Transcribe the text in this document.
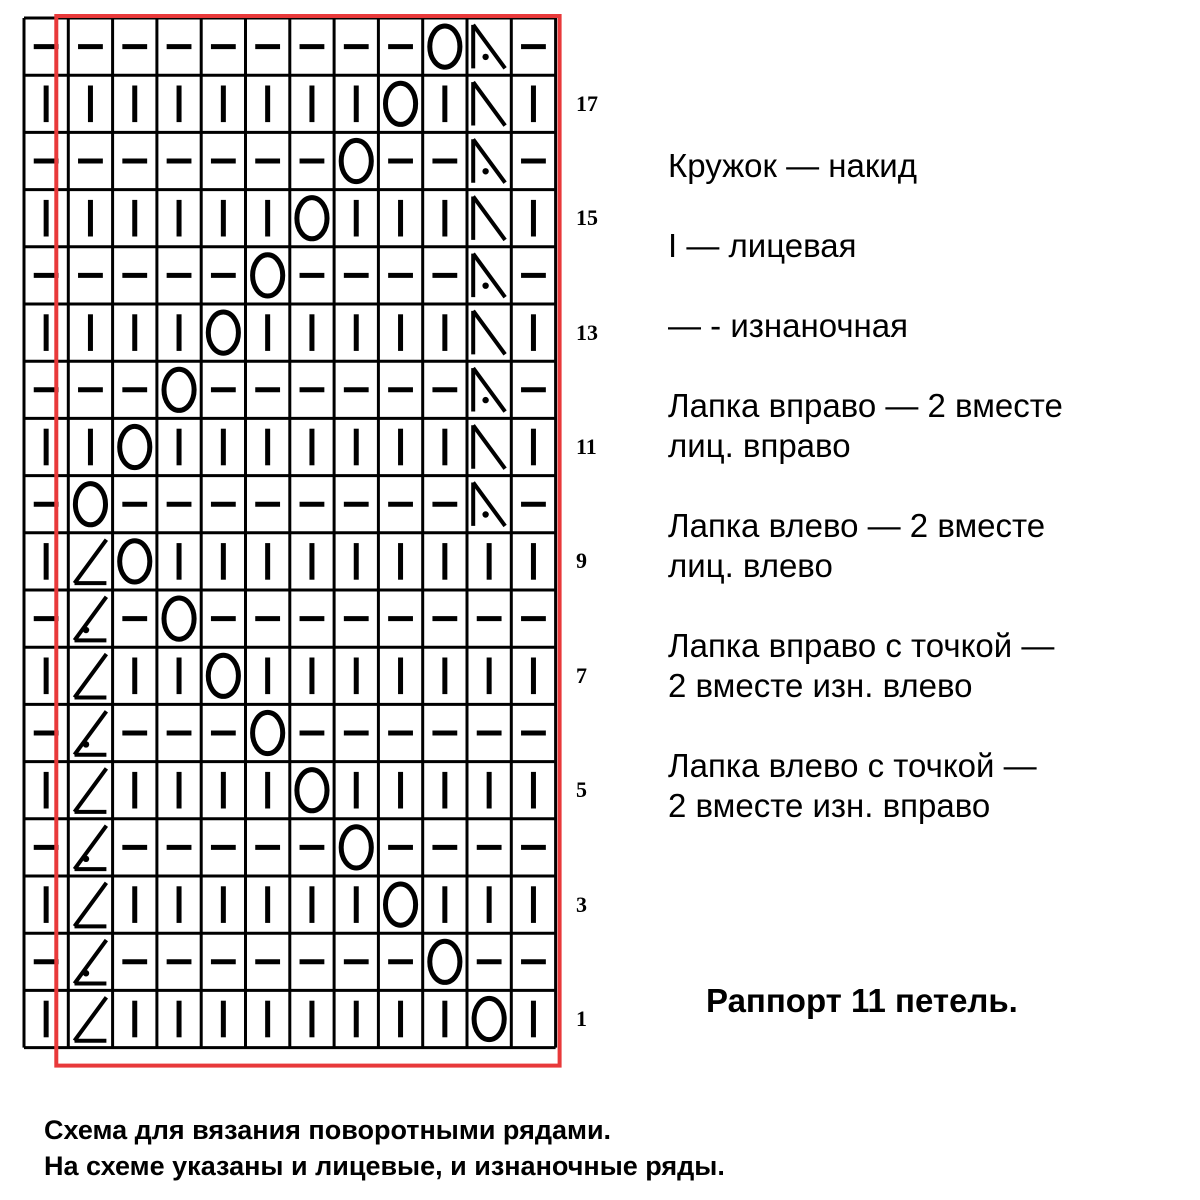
1
3
5
7
9
11
13
15
17

Кружок — накид

I — лицевая

— - изнаночная

Лапка вправо — 2 вместе
лиц. вправо

Лапка влево — 2 вместе
лиц. влево

Лапка вправо с точкой —
2 вместе изн. влево

Лапка влево с точкой —
2 вместе изн. вправо

Раппорт 11 петель.
Схема для вязания поворотными рядами.
На схеме указаны и лицевые, и изнаночные ряды.
